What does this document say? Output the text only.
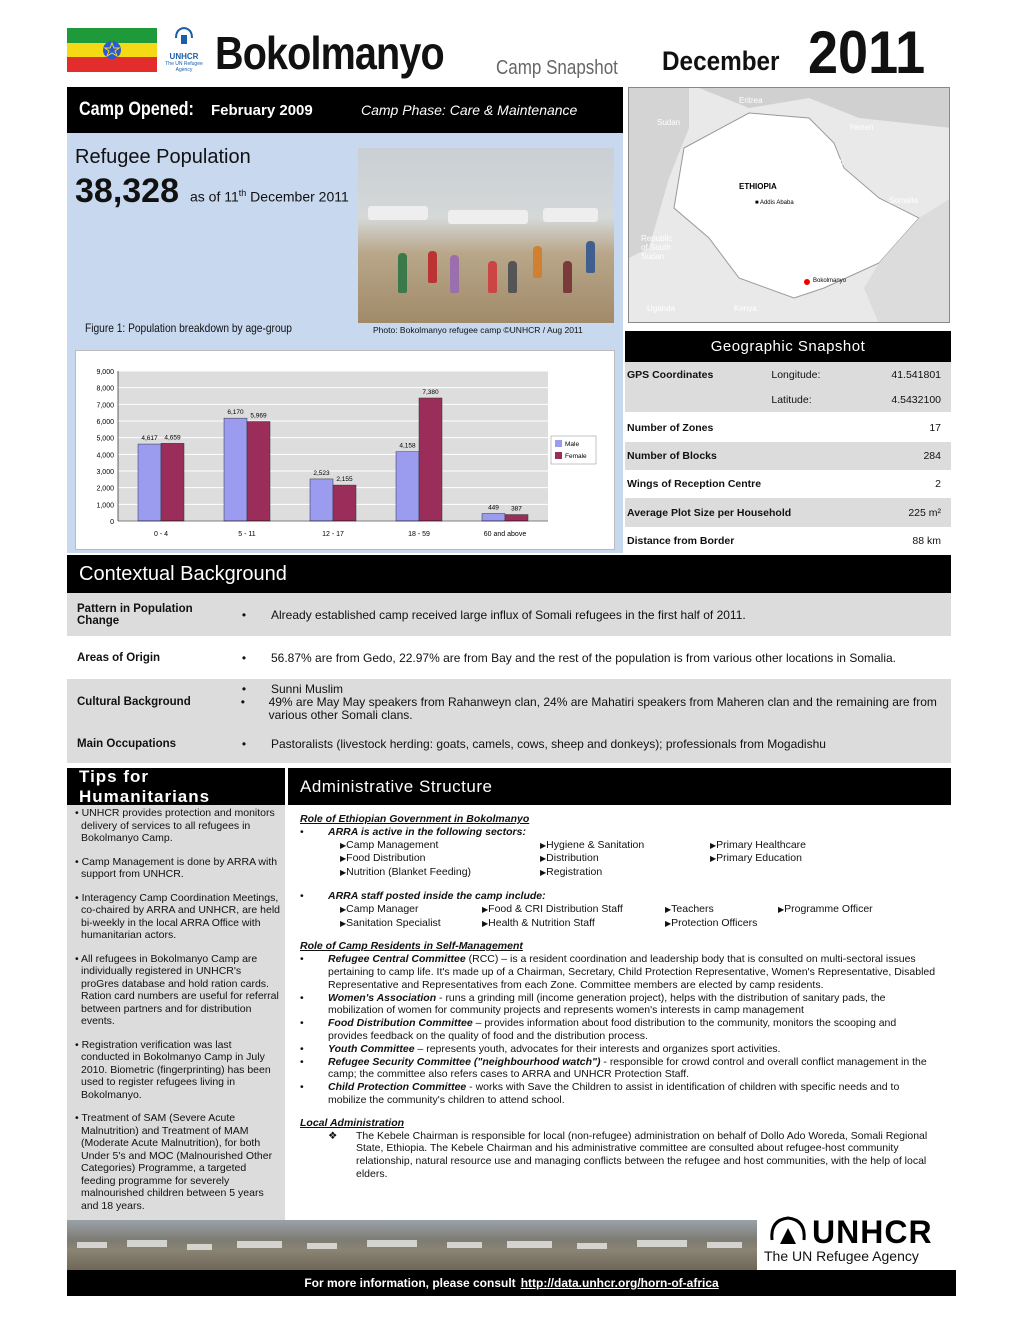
UNHCR
The UN Refugee Agency Bokolmanyo	Camp Snapshot December 2011
Camp Opened: February 2009	Camp Phase: Care & Maintenance
Refugee Population
38,328 as of 11th December 2011
Figure 1: Population breakdown by age-group	Photo: Bokolmanyo refugee camp ©UNHCR / Aug 2011
0
1,000
2,000
3,000
4,000
5,000
6,000
7,000
8,000
9,000
4,617 4,659
0 - 4
6,170 5,969
5 - 11
2,523
2,155
12 - 17
4,158
7,380
18 - 59
449 387
60 and above
Male
Female
Eritrea
Sudan
Yemen
Djibouti
Somalia
Kenya
Uganda
Republic of South Sudan
ETHIOPIA
■ Addis Ababa
Bokolmanyo
Geographic Snapshot
GPS Coordinates	Longitude:	41.541801
Latitude:	4.5432100
Number of Zones	17
Number of Blocks	284
Wings of Reception Centre	2
Average Plot Size per Household	225 m²
Distance from Border	88 km
Contextual Background
Pattern in Population Change	•	Already established camp received large influx of Somali refugees in the first half of 2011.
Areas of Origin	•	56.87% are from Gedo, 22.97% are from Bay and the rest of the population is from various other locations in Somalia.
Cultural Background
•	Sunni Muslim
•	49% are May May speakers from Rahanweyn clan, 24% are Mahatiri speakers from Maheren clan and the remaining are from various other Somali clans.
Main Occupations	•	Pastoralists (livestock herding: goats, camels, cows, sheep and donkeys); professionals from Mogadishu
Tips for Humanitarians
Administrative Structure

• UNHCR provides protection and monitors delivery of services to all refugees in Bokolmanyo Camp.

• Camp Management is done by ARRA with support from UNHCR.

• Interagency Camp Coordination Meetings, co-chaired by ARRA and UNHCR, are held bi-weekly in the local ARRA Office with humanitarian actors.

• All refugees in Bokolmanyo Camp are individually registered in UNHCR's proGres database and hold ration cards. Ration card numbers are useful for referral between partners and for distribution events.

• Registration verification was last conducted in Bokolmanyo Camp in July 2010. Biometric (fingerprinting) has been used to register refugees living in Bokolmanyo.

• Treatment of SAM (Severe Acute Malnutrition) and Treatment of MAM (Moderate Acute Malnutrition), for both Under 5's and MOC (Malnourished Other Categories) Programme, a targeted feeding programme for severely malnourished children between 5 years and 18 years.

Role of Ethiopian Government in Bokolmanyo
•	ARRA is active in the following sectors:
▶ Camp Management	▶ Hygiene & Sanitation	▶ Primary Healthcare
▶ Food Distribution	▶ Distribution	▶ Primary Education
▶ Nutrition (Blanket Feeding)	▶ Registration
•	ARRA staff posted inside the camp include:
▶ Camp Manager	▶ Food & CRI Distribution Staff	▶ Teachers	▶ Programme Officer
▶ Sanitation Specialist	▶ Health & Nutrition Staff	▶ Protection Officers
Role of Camp Residents in Self-Management
•	Refugee Central Committee (RCC) – is a resident coordination and leadership body that is consulted on multi-sectoral issues pertaining to camp life. It's made up of a Chairman, Secretary, Child Protection Representative, Women's Representative, Disabled Representative and Representatives from each Zone. Committee members are elected by camp residents.
•	Women's Association - runs a grinding mill (income generation project), helps with the distribution of sanitary pads, the mobilization of women for community projects and represents women's interests in camp management
•	Food Distribution Committee – provides information about food distribution to the community, monitors the scooping and provides feedback on the quality of food and the distribution process.
•	Youth Committee – represents youth, advocates for their interests and organizes sport activities.
•	Refugee Security Committee ("neighbourhood watch") - responsible for crowd control and overall conflict management in the camp; the committee also refers cases to ARRA and UNHCR Protection Staff.
•	Child Protection Committee - works with Save the Children to assist in identification of children with specific needs and to mobilize the community's children to attend school.
Local Administration
❖	The Kebele Chairman is responsible for local (non-refugee) administration on behalf of Dollo Ado Woreda, Somali Regional State, Ethiopia. The Kebele Chairman and his administrative committee are consulted about refugee-host community relationship, natural resource use and managing conflicts between the refugee and host communities, with the help of local elders.
UNHCR
The UN Refugee Agency
For more information, please consult http://data.unhcr.org/horn-of-africa
